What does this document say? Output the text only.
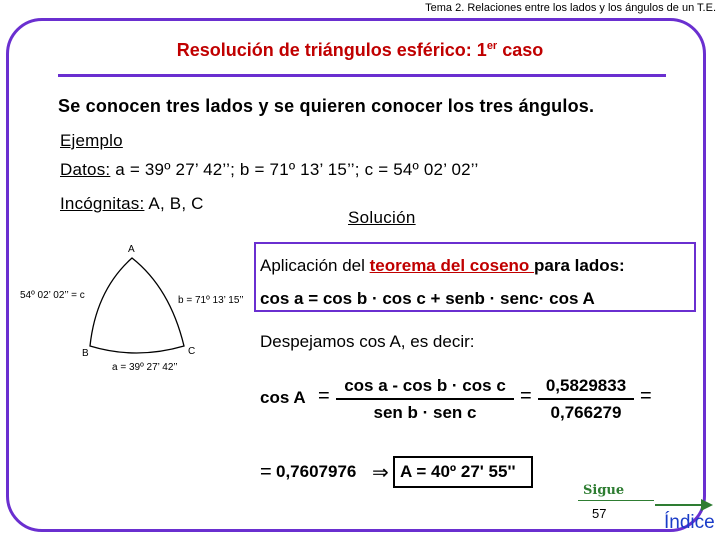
Tema 2. Relaciones entre los lados y los ángulos de un T.E.
Resolución de triángulos esférico: 1er caso
Se conocen tres lados y se quieren conocer los tres ángulos.
Ejemplo
Datos: a = 39º 27’ 42’’; b = 71º 13’ 15’’; c = 54º 02’ 02’’
Incógnitas: A, B, C
Solución
A
B	C
54º 02’ 02’’ = c	b = 71º 13’ 15’’
a = 39º 27’ 42’’
Aplicación del teorema del coseno para lados:
cos a = cos b · cos c + senb · senc· cos A
Despejamos cos A, es decir:
cos A = cos a - cos b · cos c
sen b · sen c
= 0,5829833
0,766279
=
= 0,7607976 ⇒ A = 40º 27' 55''
Sigue
57	Índice
